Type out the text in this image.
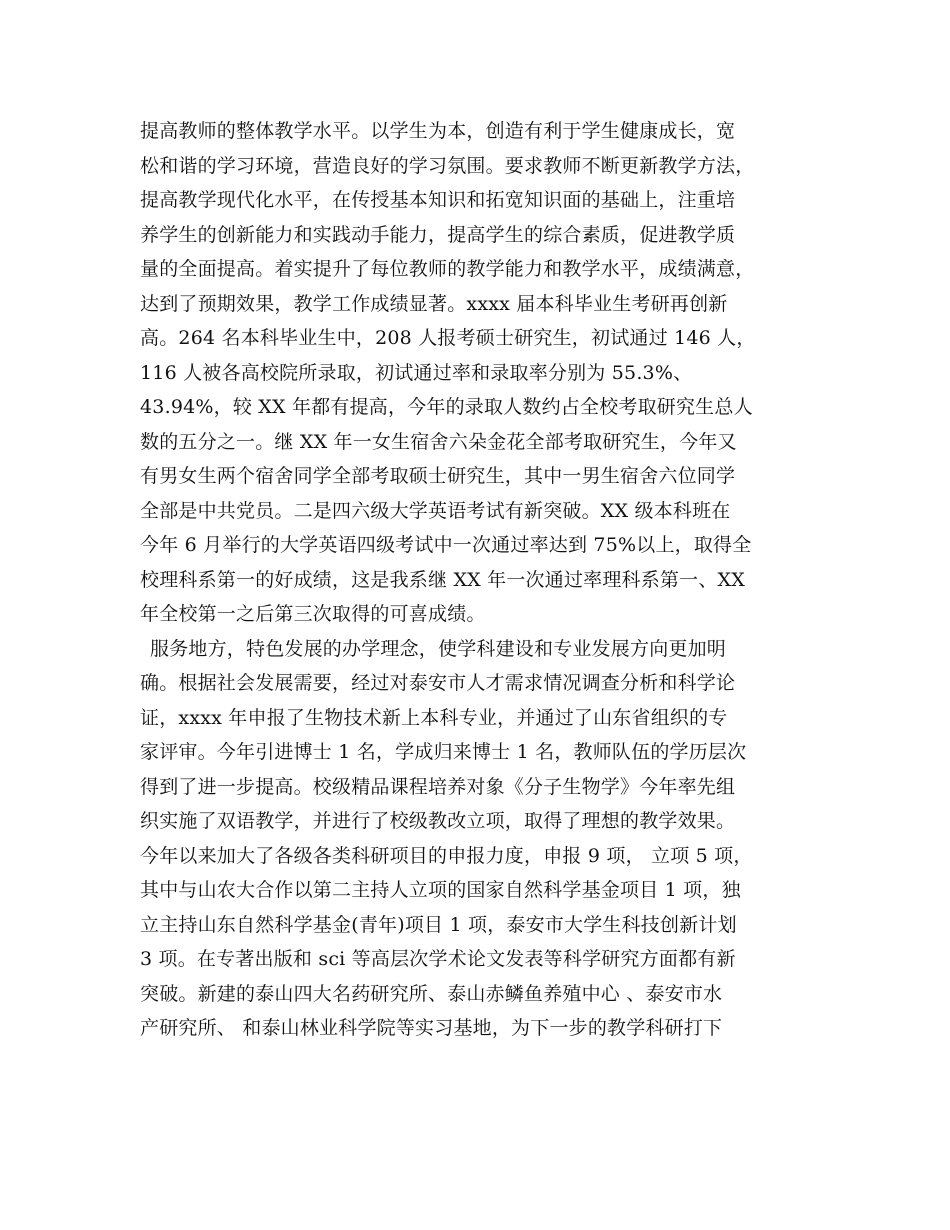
提高教师的整体教学水平。以学生为本，创造有利于学生健康成长，宽
松和谐的学习环境，营造良好的学习氛围。要求教师不断更新教学方法，
提高教学现代化水平，在传授基本知识和拓宽知识面的基础上，注重培
养学生的创新能力和实践动手能力，提高学生的综合素质，促进教学质
量的全面提高。着实提升了每位教师的教学能力和教学水平，成绩满意，
达到了预期效果，教学工作成绩显著。xxxx 届本科毕业生考研再创新
高。264 名本科毕业生中，208 人报考硕士研究生，初试通过 146 人，
116 人被各高校院所录取，初试通过率和录取率分别为 55.3%、
43.94%，较 XX 年都有提高，今年的录取人数约占全校考取研究生总人
数的五分之一。继 XX 年一女生宿舍六朵金花全部考取研究生，今年又
有男女生两个宿舍同学全部考取硕士研究生，其中一男生宿舍六位同学
全部是中共党员。二是四六级大学英语考试有新突破。XX 级本科班在
今年 6 月举行的大学英语四级考试中一次通过率达到 75%以上，取得全
校理科系第一的好成绩，这是我系继 XX 年一次通过率理科系第一、XX
年全校第一之后第三次取得的可喜成绩。
服务地方，特色发展的办学理念，使学科建设和专业发展方向更加明
确。根据社会发展需要，经过对泰安市人才需求情况调查分析和科学论
证，xxxx 年申报了生物技术新上本科专业，并通过了山东省组织的专
家评审。今年引进博士 1 名，学成归来博士 1 名，教师队伍的学历层次
得到了进一步提高。校级精品课程培养对象《分子生物学》今年率先组
织实施了双语教学，并进行了校级教改立项，取得了理想的教学效果。
今年以来加大了各级各类科研项目的申报力度，申报 9 项， 立项 5 项，
其中与山农大合作以第二主持人立项的国家自然科学基金项目 1 项，独
立主持山东自然科学基金(青年)项目 1 项，泰安市大学生科技创新计划
3 项。在专著出版和 sci 等高层次学术论文发表等科学研究方面都有新
突破。新建的泰山四大名药研究所、泰山赤鳞鱼养殖中心 、泰安市水
产研究所、 和泰山林业科学院等实习基地，为下一步的教学科研打下
